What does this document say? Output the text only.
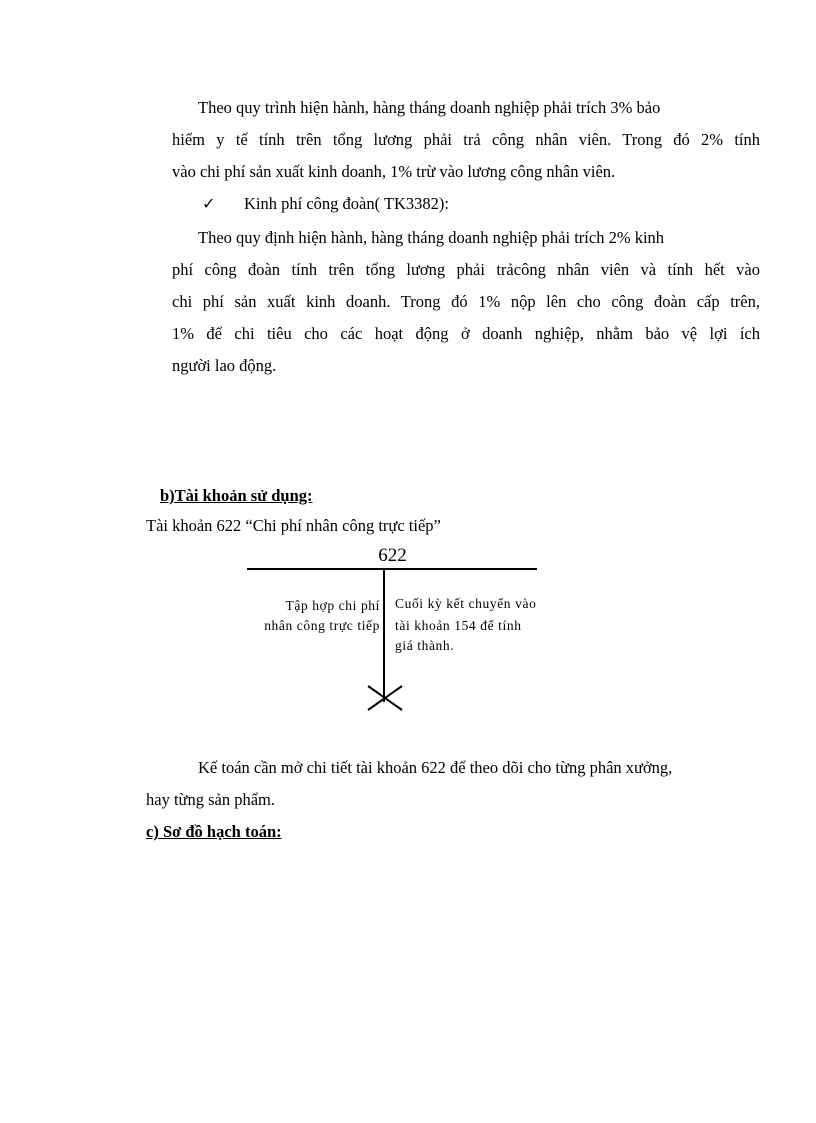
Theo quy trình hiện hành, hàng tháng doanh nghiệp phải trích 3% bảo
hiểm y tế tính trên tổng lương phải trả công nhân viên. Trong đó 2% tính
vào chi phí sản xuất kinh doanh, 1% trừ vào lương công nhân viên.
✓ Kinh phí công đoàn( TK3382):
Theo quy định hiện hành, hàng tháng doanh nghiệp phải trích 2% kinh
phí công đoàn tính trên tổng lương phải trảcông nhân viên và tính hết vào
chi phí sản xuất kinh doanh. Trong đó 1% nộp lên cho công đoàn cấp trên,
1% để chi tiêu cho các hoạt động ở doanh nghiệp, nhằm bảo vệ lợi ích
người lao động.
b)Tài khoản sử dụng:
Tài khoản 622 “Chi phí nhân công trực tiếp”
622
Tập hợp chi phí
nhân công trực tiếp
Cuối kỳ kết chuyển vào
tài khoản 154 để tính giá thành.
Kế toán cần mở chi tiết tài khoản 622 để theo dõi cho từng phân xưởng,
hay từng sản phẩm.
c) Sơ đồ hạch toán:
